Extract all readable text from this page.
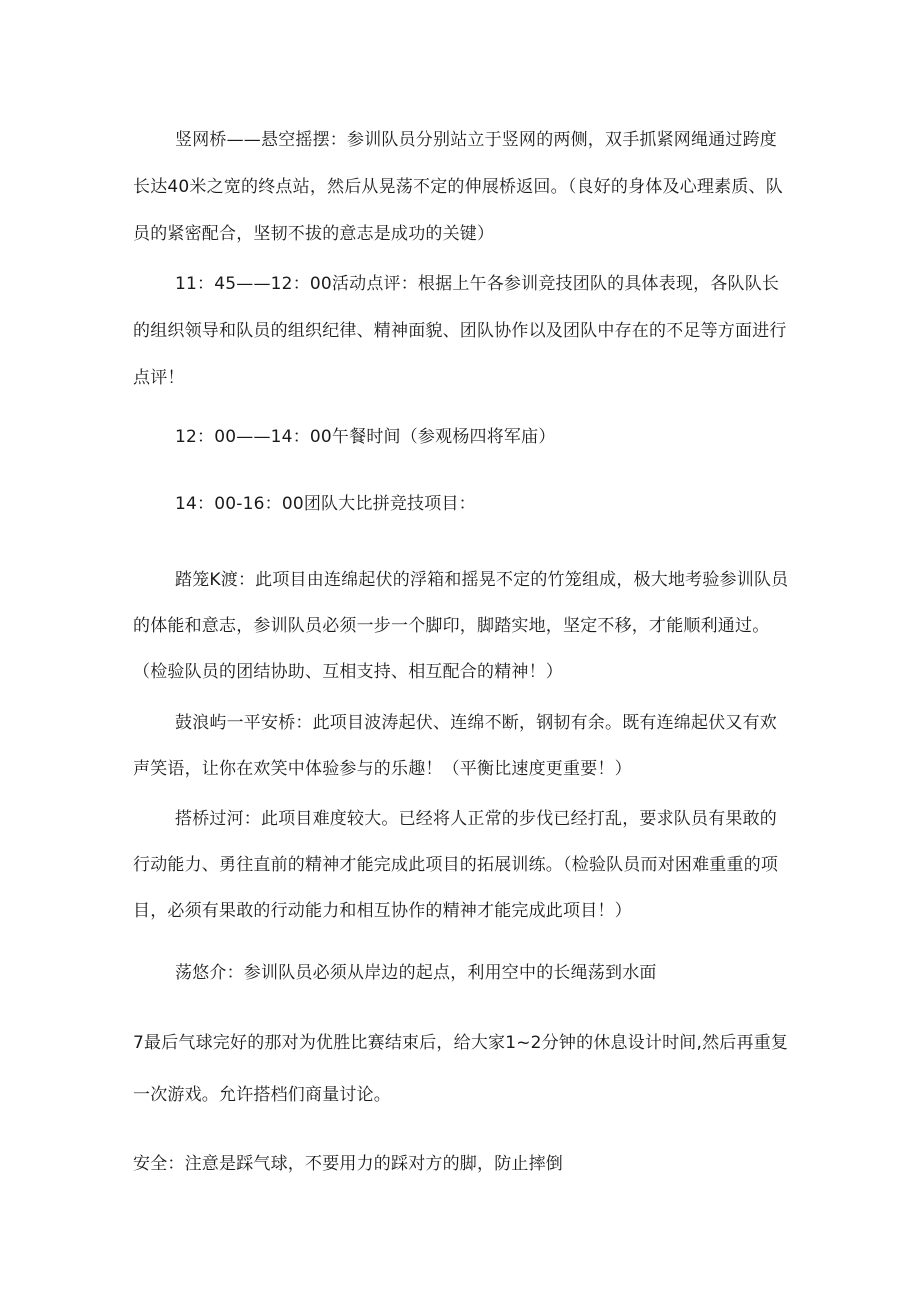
竖网桥——悬空摇摆：参训队员分别站立于竖网的两侧，双手抓紧网绳通过跨度长达40米之宽的终点站，然后从晃荡不定的伸展桥返回。（良好的身体及心理素质、队员的紧密配合，坚韧不拔的意志是成功的关键）

11：45——12：00活动点评：根据上午各参训竞技团队的具体表现，各队队长的组织领导和队员的组织纪律、精神面貌、团队协作以及团队中存在的不足等方面进行点评！

12：00——14：00午餐时间（参观杨四将军庙）

14：00-16：00团队大比拼竞技项目：

踏笼K渡：此项目由连绵起伏的浮箱和摇晃不定的竹笼组成，极大地考验参训队员的体能和意志，参训队员必须一步一个脚印，脚踏实地，坚定不移，才能顺利通过。（检验队员的团结协助、互相支持、相互配合的精神！）

鼓浪屿一平安桥：此项目波涛起伏、连绵不断，钢韧有余。既有连绵起伏又有欢声笑语，让你在欢笑中体验参与的乐趣！（平衡比速度更重要！）

搭桥过河：此项目难度较大。已经将人正常的步伐已经打乱，要求队员有果敢的行动能力、勇往直前的精神才能完成此项目的拓展训练。（检验队员而对困难重重的项目，必须有果敢的行动能力和相互协作的精神才能完成此项目！）

荡悠介：参训队员必须从岸边的起点，利用空中的长绳荡到水面

7最后气球完好的那对为优胜比赛结束后，给大家1~2分钟的休息设计时间,然后再重复一次游戏。允许搭档们商量讨论。

安全：注意是踩气球，不要用力的踩对方的脚，防止摔倒
